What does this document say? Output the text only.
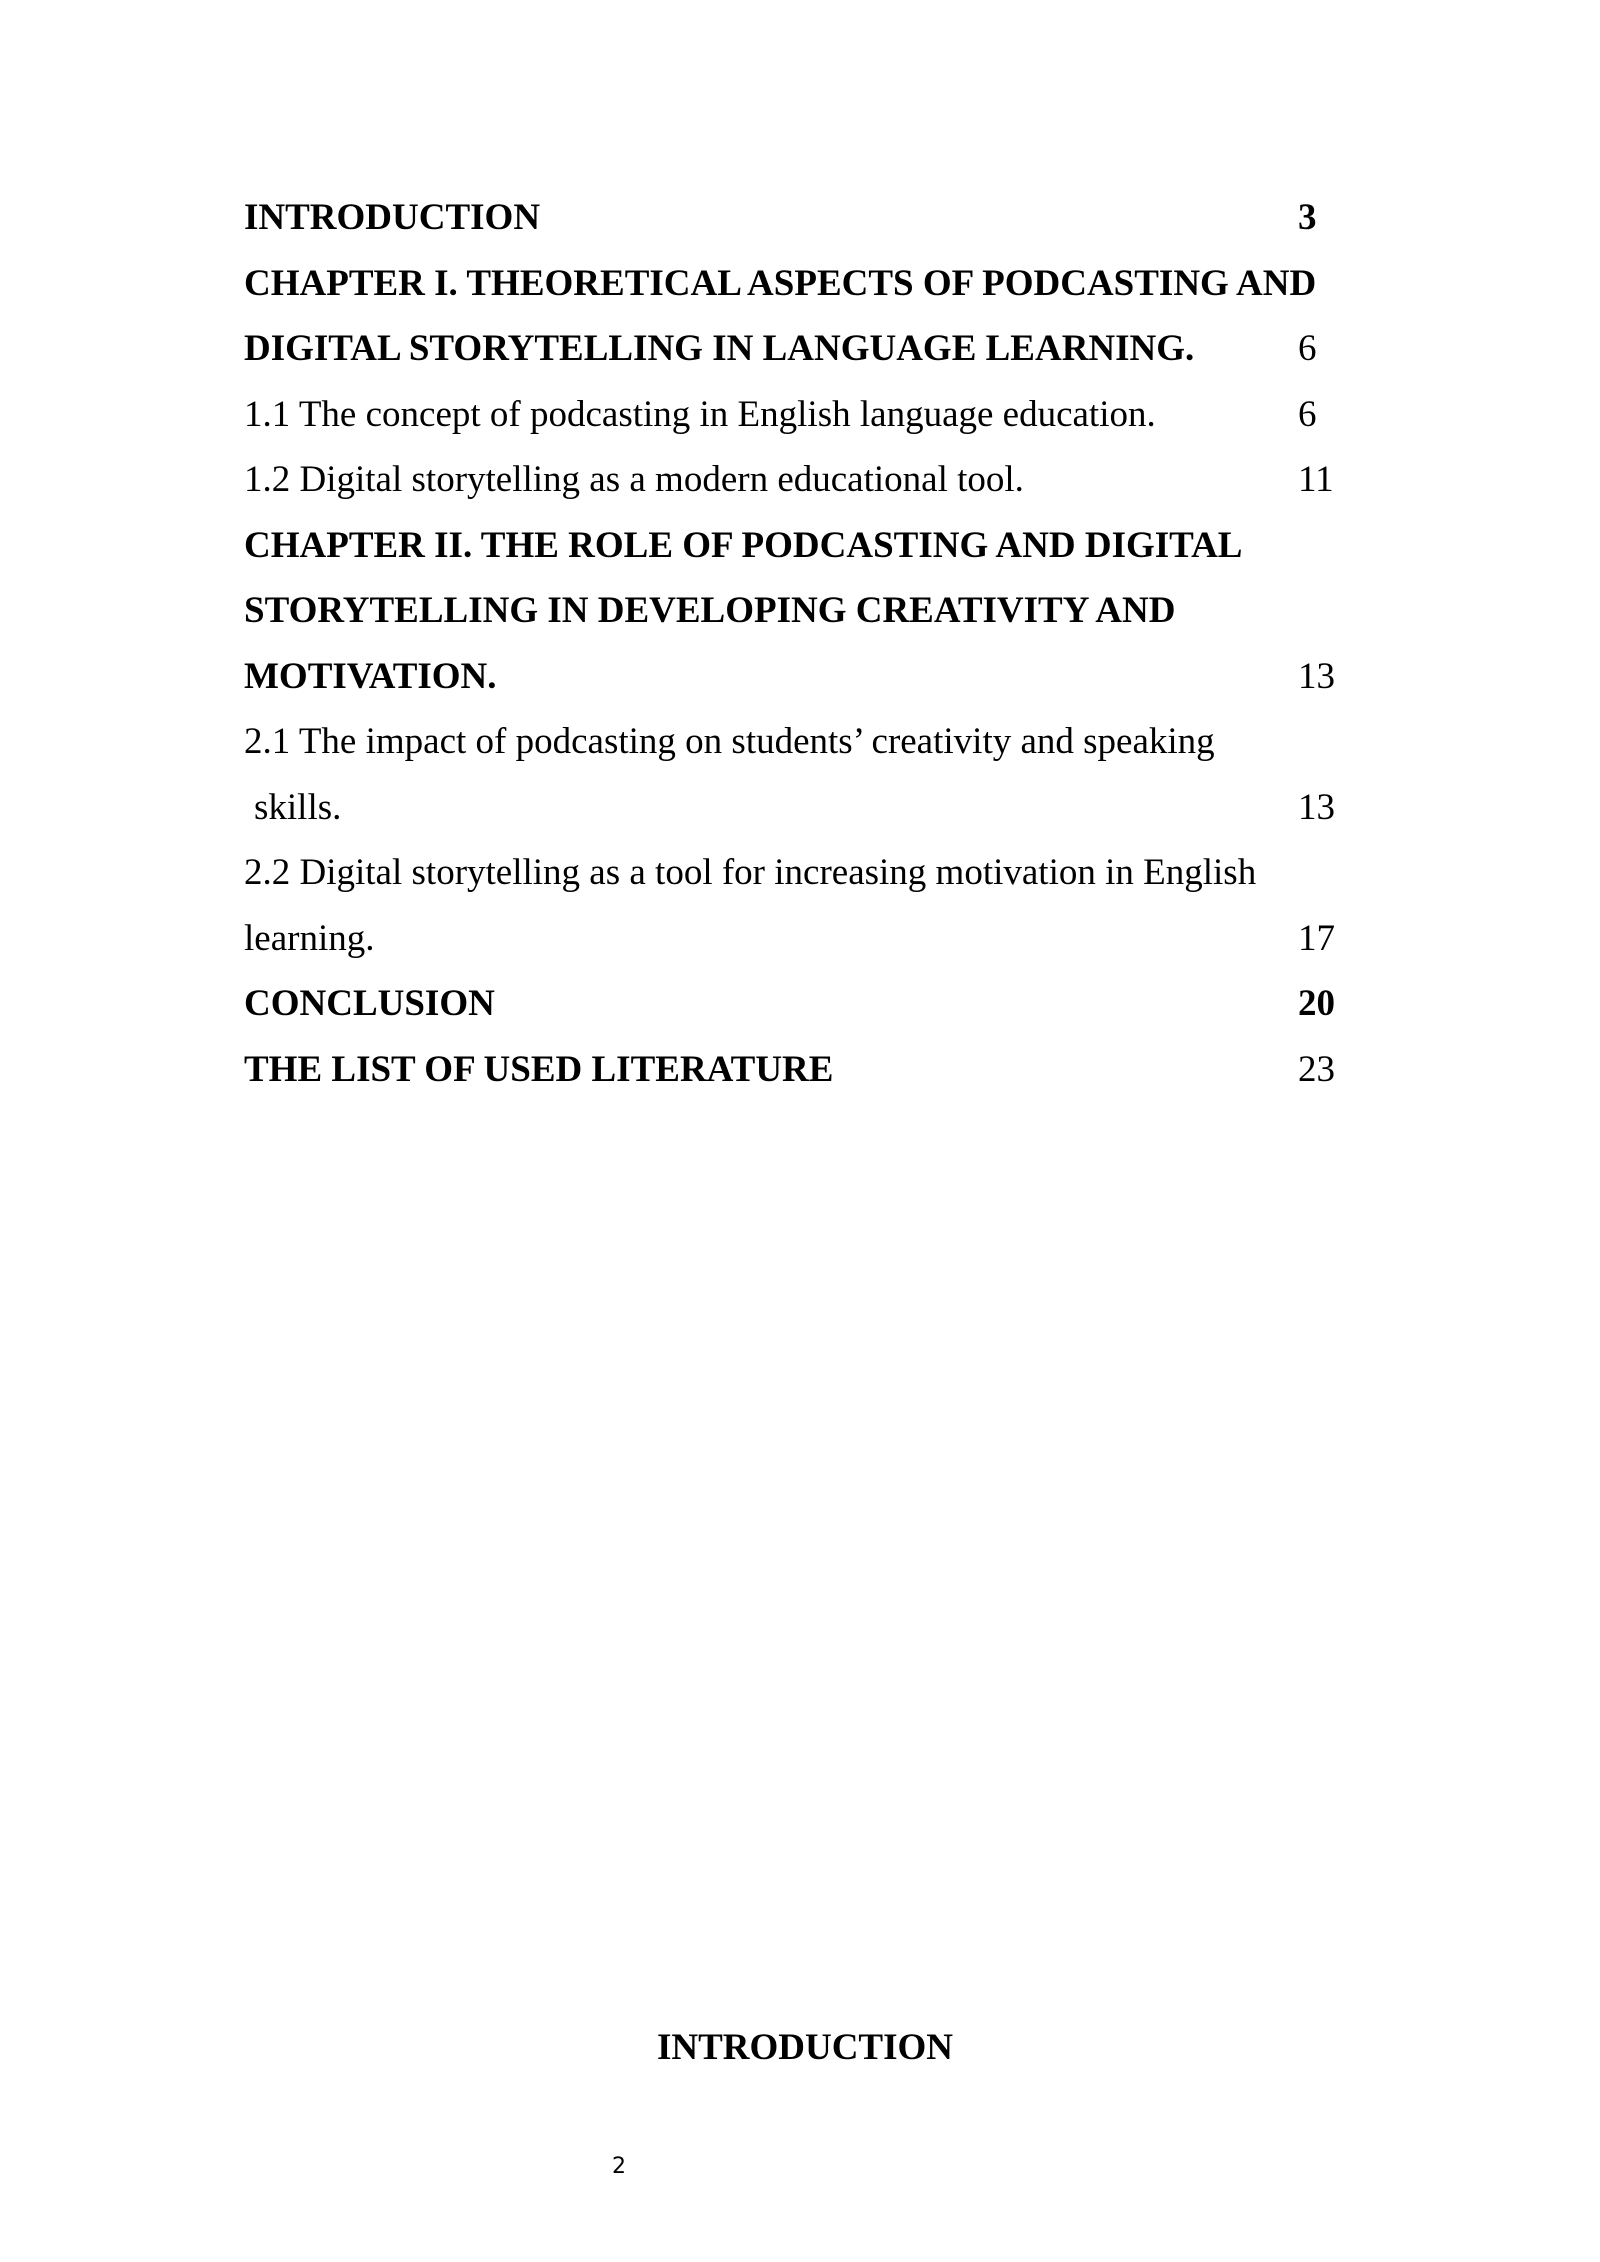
INTRODUCTION	3
CHAPTER I. THEORETICAL ASPECTS OF PODCASTING AND
DIGITAL STORYTELLING IN LANGUAGE LEARNING.	6
1.1 The concept of podcasting in English language education.	6
1.2 Digital storytelling as a modern educational tool.	11
CHAPTER II. THE ROLE OF PODCASTING AND DIGITAL
STORYTELLING IN DEVELOPING CREATIVITY AND
MOTIVATION.	13
2.1 The impact of podcasting on students’ creativity and speaking
skills.	13
2.2 Digital storytelling as a tool for increasing motivation in English
learning.	17
CONCLUSION	20
THE LIST OF USED LITERATURE	23
INTRODUCTION
2
